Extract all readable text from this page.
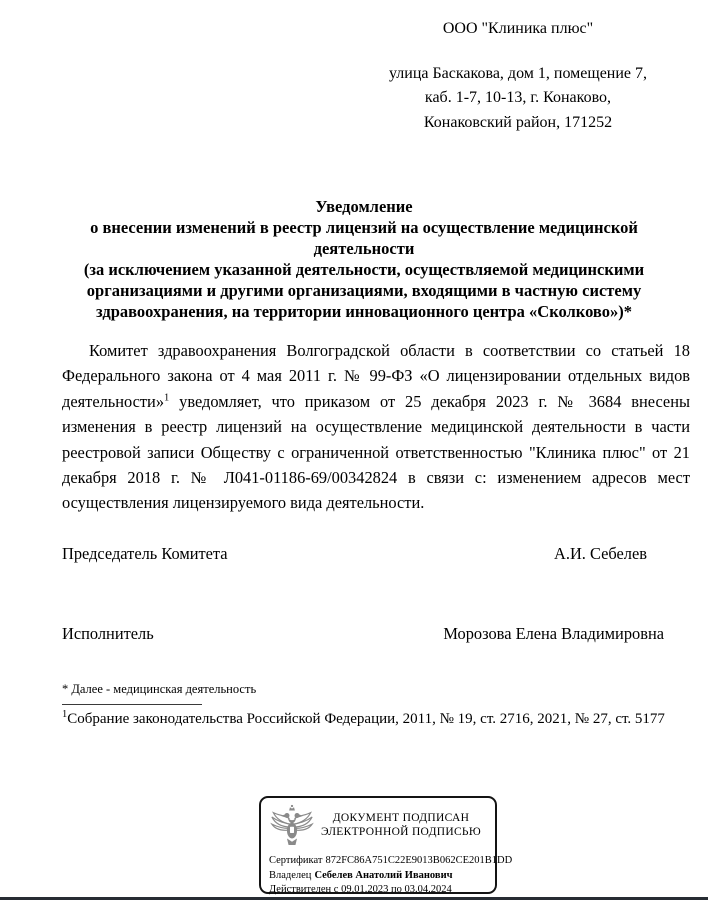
ООО "Клиника плюс"
улица Баскакова, дом 1, помещение 7,
каб. 1-7, 10-13, г. Конаково,
Конаковский район, 171252
Уведомление
о внесении изменений в реестр лицензий на осуществление медицинской
деятельности
(за исключением указанной деятельности, осуществляемой медицинскими
организациями и другими организациями, входящими в частную систему
здравоохранения, на территории инновационного центра «Сколково»)*
Комитет здравоохранения Волгоградской области в соответствии со статьей 18 Федерального закона от 4 мая 2011 г. № 99-ФЗ «О лицензировании отдельных видов деятельности»$^1$ уведомляет, что приказом от 25 декабря 2023 г. № 3684 внесены изменения в реестр лицензий на осуществление медицинской деятельности в части реестровой записи Обществу с ограниченной ответственностью "Клиника плюс" от 21 декабря 2018 г. № Л041-01186-69/00342824 в связи с: изменением адресов мест осуществления лицензируемого вида деятельности.
Председатель Комитета	А.И. Себелев
Исполнитель	Морозова Елена Владимировна
* Далее - медицинская деятельность
$^1$Собрание законодательства Российской Федерации, 2011, № 19, ст. 2716, 2021, № 27, ст. 5177
ДОКУМЕНТ ПОДПИСАН
ЭЛЕКТРОННОЙ ПОДПИСЬЮ
Сертификат 872FC86A751C22E9013B062CE201B1DD
Владелец Себелев Анатолий Иванович
Действителен с 09.01.2023 по 03.04.2024
